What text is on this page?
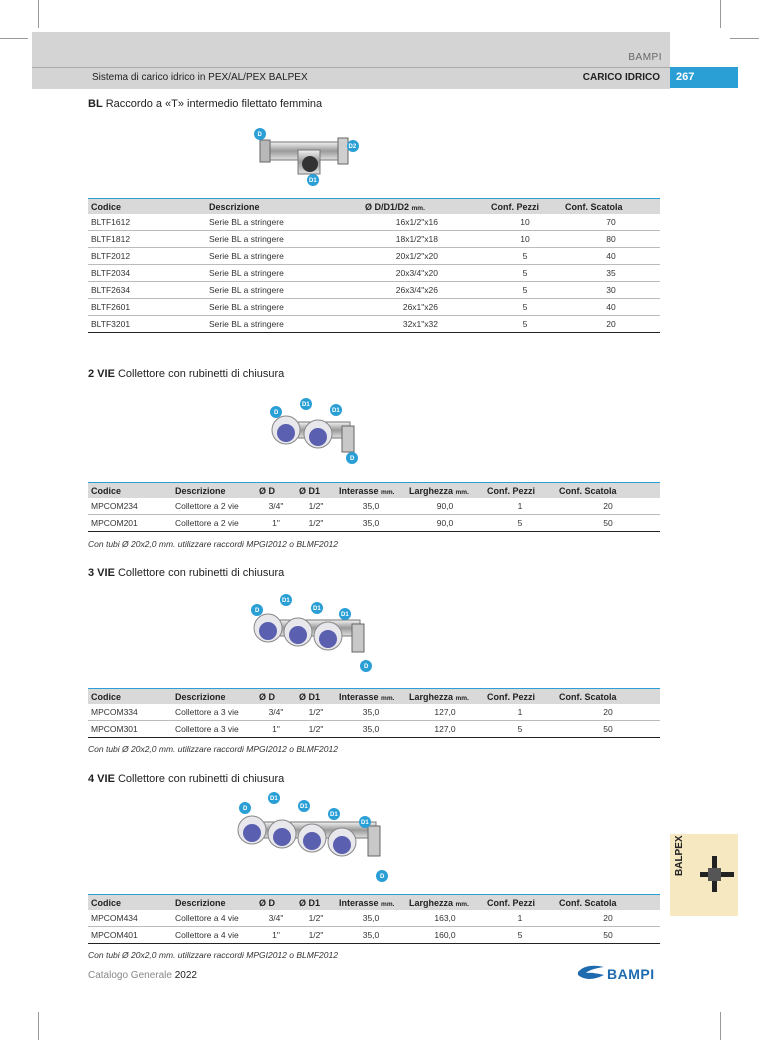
BAMPI
Sistema di carico idrico in PEX/AL/PEX BALPEX	CARICO IDRICO	267
BALPEX
BL Raccordo a «T» intermedio filettato femmina
D
D2
D1
Codice	Descrizione	Ø D/D1/D2 mm.	Conf. Pezzi	Conf. Scatola
BLTF1612	Serie BL a stringere	16x1/2"x16	10	70
BLTF1812	Serie BL a stringere	18x1/2"x18	10	80
BLTF2012	Serie BL a stringere	20x1/2"x20	5	40
BLTF2034	Serie BL a stringere	20x3/4"x20	5	35
BLTF2634	Serie BL a stringere	26x3/4"x26	5	30
BLTF2601	Serie BL a stringere	26x1"x26	5	40
BLTF3201	Serie BL a stringere	32x1"x32	5	20
2 VIE Collettore con rubinetti di chiusura
D
D1
D1
D
Codice	Descrizione	Ø D	Ø D1	Interasse mm.	Larghezza mm.	Conf. Pezzi	Conf. Scatola
MPCOM234	Collettore a 2 vie	3/4"	1/2"	35,0	90,0	1	20
MPCOM201	Collettore a 2 vie	1"	1/2"	35,0	90,0	5	50
Con tubi Ø 20x2,0 mm. utilizzare raccordi MPGI2012 o BLMF2012
3 VIE Collettore con rubinetti di chiusura
D
D1
D1
D1
D
Codice	Descrizione	Ø D	Ø D1	Interasse mm.	Larghezza mm.	Conf. Pezzi	Conf. Scatola
MPCOM334	Collettore a 3 vie	3/4"	1/2"	35,0	127,0	1	20
MPCOM301	Collettore a 3 vie	1"	1/2"	35,0	127,0	5	50
Con tubi Ø 20x2,0 mm. utilizzare raccordi MPGI2012 o BLMF2012
4 VIE Collettore con rubinetti di chiusura
D
D1
D1
D1
D1
D
Codice	Descrizione	Ø D	Ø D1	Interasse mm.	Larghezza mm.	Conf. Pezzi	Conf. Scatola
MPCOM434	Collettore a 4 vie	3/4"	1/2"	35,0	163,0	1	20
MPCOM401	Collettore a 4 vie	1"	1/2"	35,0	160,0	5	50
Con tubi Ø 20x2,0 mm. utilizzare raccordi MPGI2012 o BLMF2012
Catalogo Generale 2022	BAMPI
